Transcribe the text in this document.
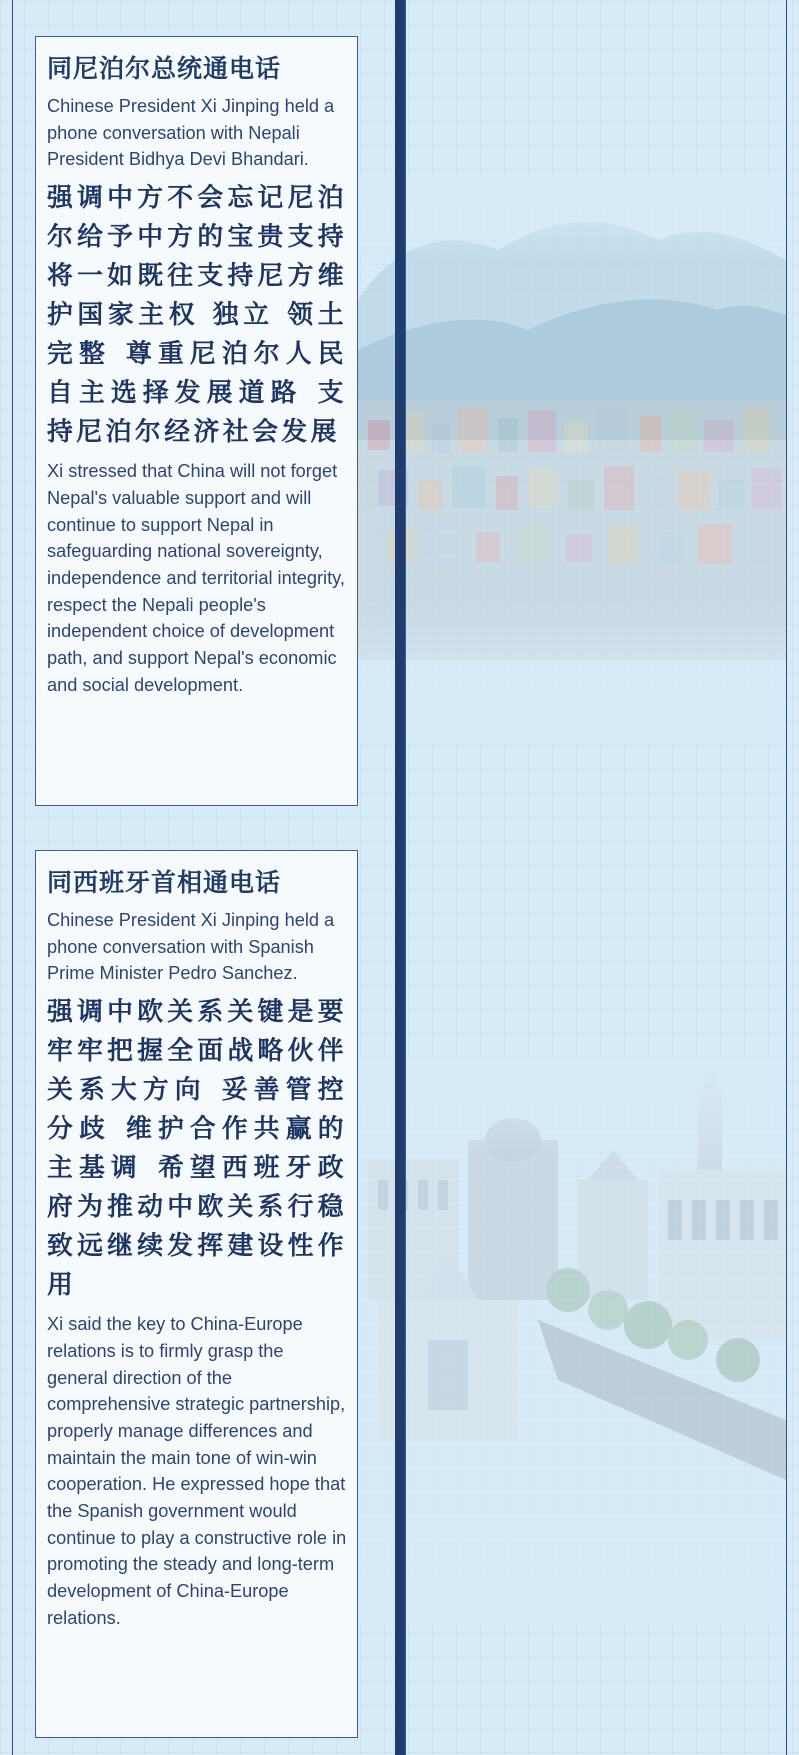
同尼泊尔总统通电话

Chinese President Xi Jinping held a phone conversation with Nepali President Bidhya Devi Bhandari.

强调中方不会忘记尼泊尔给予中方的宝贵支持 将一如既往支持尼方维护国家主权 独立 领土完整 尊重尼泊尔人民自主选择发展道路 支持尼泊尔经济社会发展

Xi stressed that China will not forget Nepal's valuable support and will continue to support Nepal in safeguarding national sovereignty, independence and territorial integrity, respect the Nepali people's independent choice of development path, and support Nepal's economic and social development.

同西班牙首相通电话

Chinese President Xi Jinping held a phone conversation with Spanish Prime Minister Pedro Sanchez.

强调中欧关系关键是要牢牢把握全面战略伙伴关系大方向 妥善管控分歧 维护合作共赢的主基调 希望西班牙政府为推动中欧关系行稳致远继续发挥建设性作用

Xi said the key to China-Europe relations is to firmly grasp the general direction of the comprehensive strategic partnership, properly manage differences and maintain the main tone of win-win cooperation. He expressed hope that the Spanish government would continue to play a constructive role in promoting the steady and long-term development of China-Europe relations.
